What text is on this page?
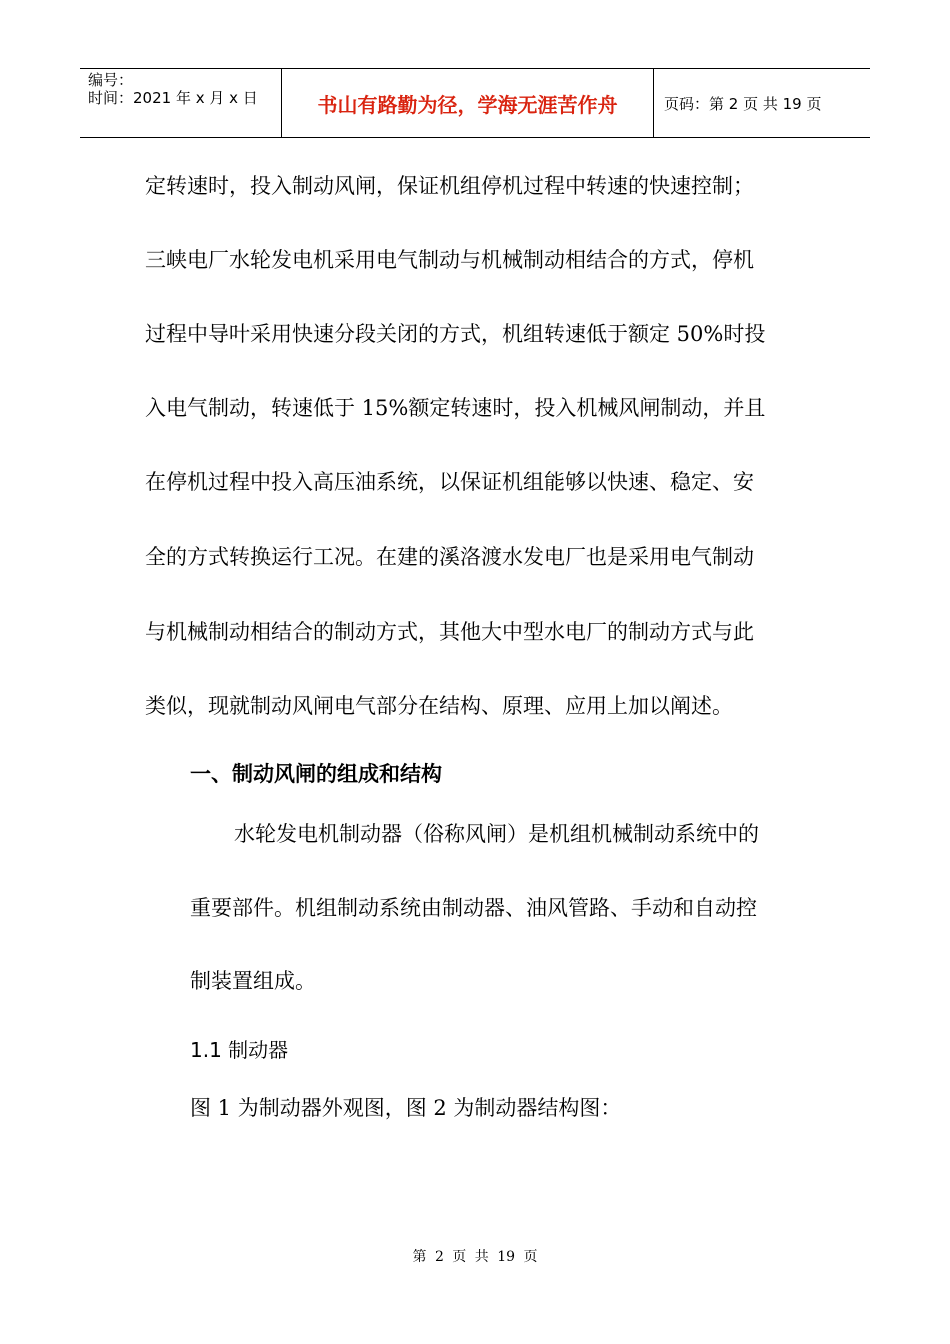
编号：
时间：2021 年 x 月 x 日	书山有路勤为径，学海无涯苦作舟	页码：第 2 页 共 19 页
定转速时，投入制动风闸，保证机组停机过程中转速的快速控制；
三峡电厂水轮发电机采用电气制动与机械制动相结合的方式，停机
过程中导叶采用快速分段关闭的方式，机组转速低于额定 50%时投
入电气制动，转速低于 15%额定转速时，投入机械风闸制动，并且
在停机过程中投入高压油系统，以保证机组能够以快速、稳定、安
全的方式转换运行工况。在建的溪洛渡水发电厂也是采用电气制动
与机械制动相结合的制动方式，其他大中型水电厂的制动方式与此
类似，现就制动风闸电气部分在结构、原理、应用上加以阐述。
一、制动风闸的组成和结构
水轮发电机制动器（俗称风闸）是机组机械制动系统中的
重要部件。机组制动系统由制动器、油风管路、手动和自动控
制装置组成。
1.1 制动器
图 1 为制动器外观图，图 2 为制动器结构图：
第 2 页 共 19 页
